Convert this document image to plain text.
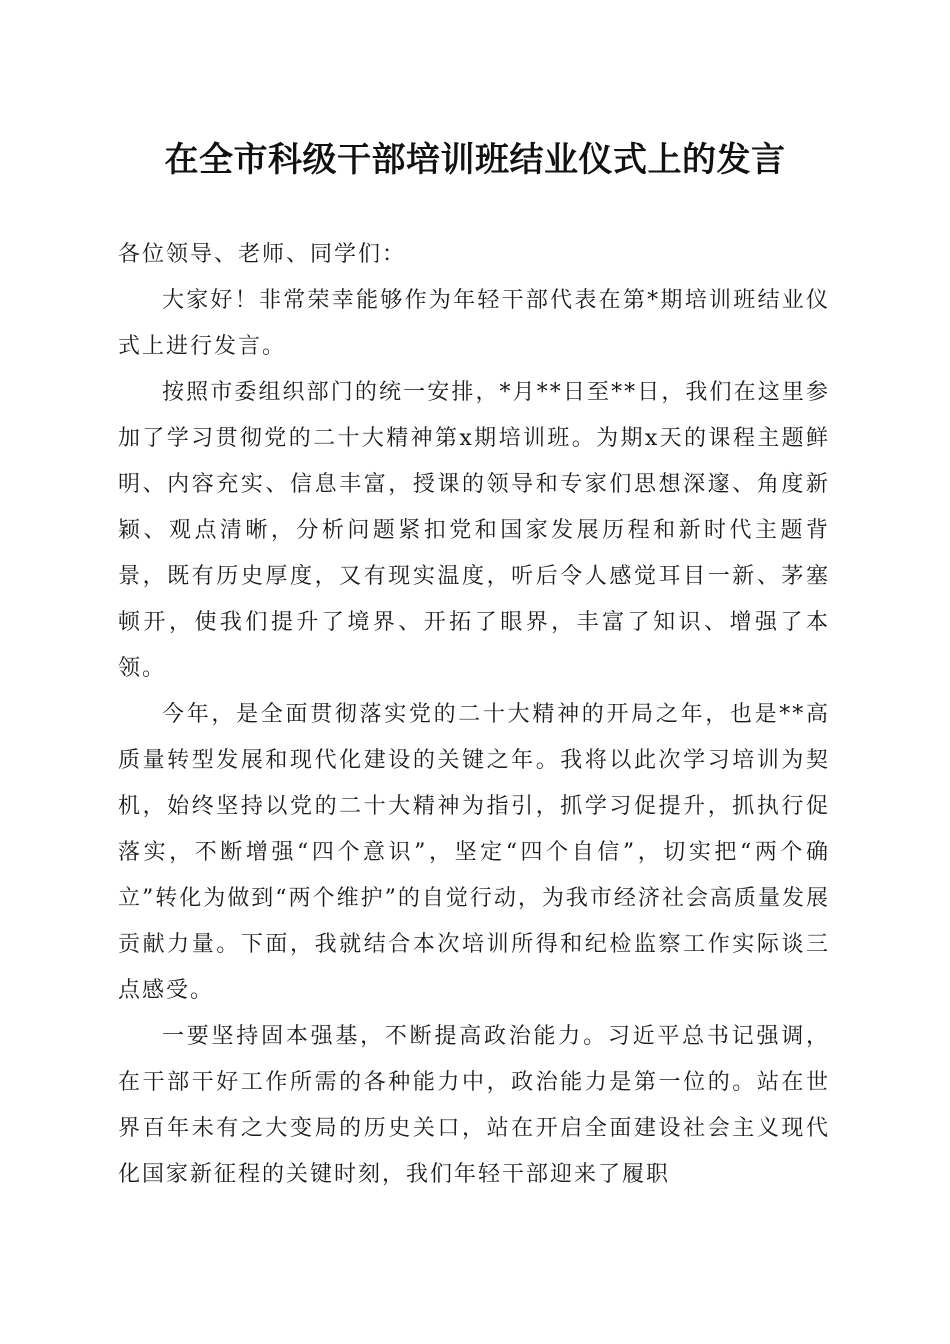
在全市科级干部培训班结业仪式上的发言

各位领导、老师、同学们：

大家好！非常荣幸能够作为年轻干部代表在第*期培训班结业仪式上进行发言。

按照市委组织部门的统一安排，*月**日至**日，我们在这里参加了学习贯彻党的二十大精神第x期培训班。为期x天的课程主题鲜明、内容充实、信息丰富，授课的领导和专家们思想深邃、角度新颖、观点清晰，分析问题紧扣党和国家发展历程和新时代主题背景，既有历史厚度，又有现实温度，听后令人感觉耳目一新、茅塞顿开，使我们提升了境界、开拓了眼界，丰富了知识、增强了本领。

今年，是全面贯彻落实党的二十大精神的开局之年，也是**高质量转型发展和现代化建设的关键之年。我将以此次学习培训为契机，始终坚持以党的二十大精神为指引，抓学习促提升，抓执行促落实，不断增强“四个意识”，坚定“四个自信”，切实把“两个确立”转化为做到“两个维护”的自觉行动，为我市经济社会高质量发展贡献力量。下面，我就结合本次培训所得和纪检监察工作实际谈三点感受。

一要坚持固本强基，不断提高政治能力。习近平总书记强调，在干部干好工作所需的各种能力中，政治能力是第一位的。站在世界百年未有之大变局的历史关口，站在开启全面建设社会主义现代化国家新征程的关键时刻，我们年轻干部迎来了履职
